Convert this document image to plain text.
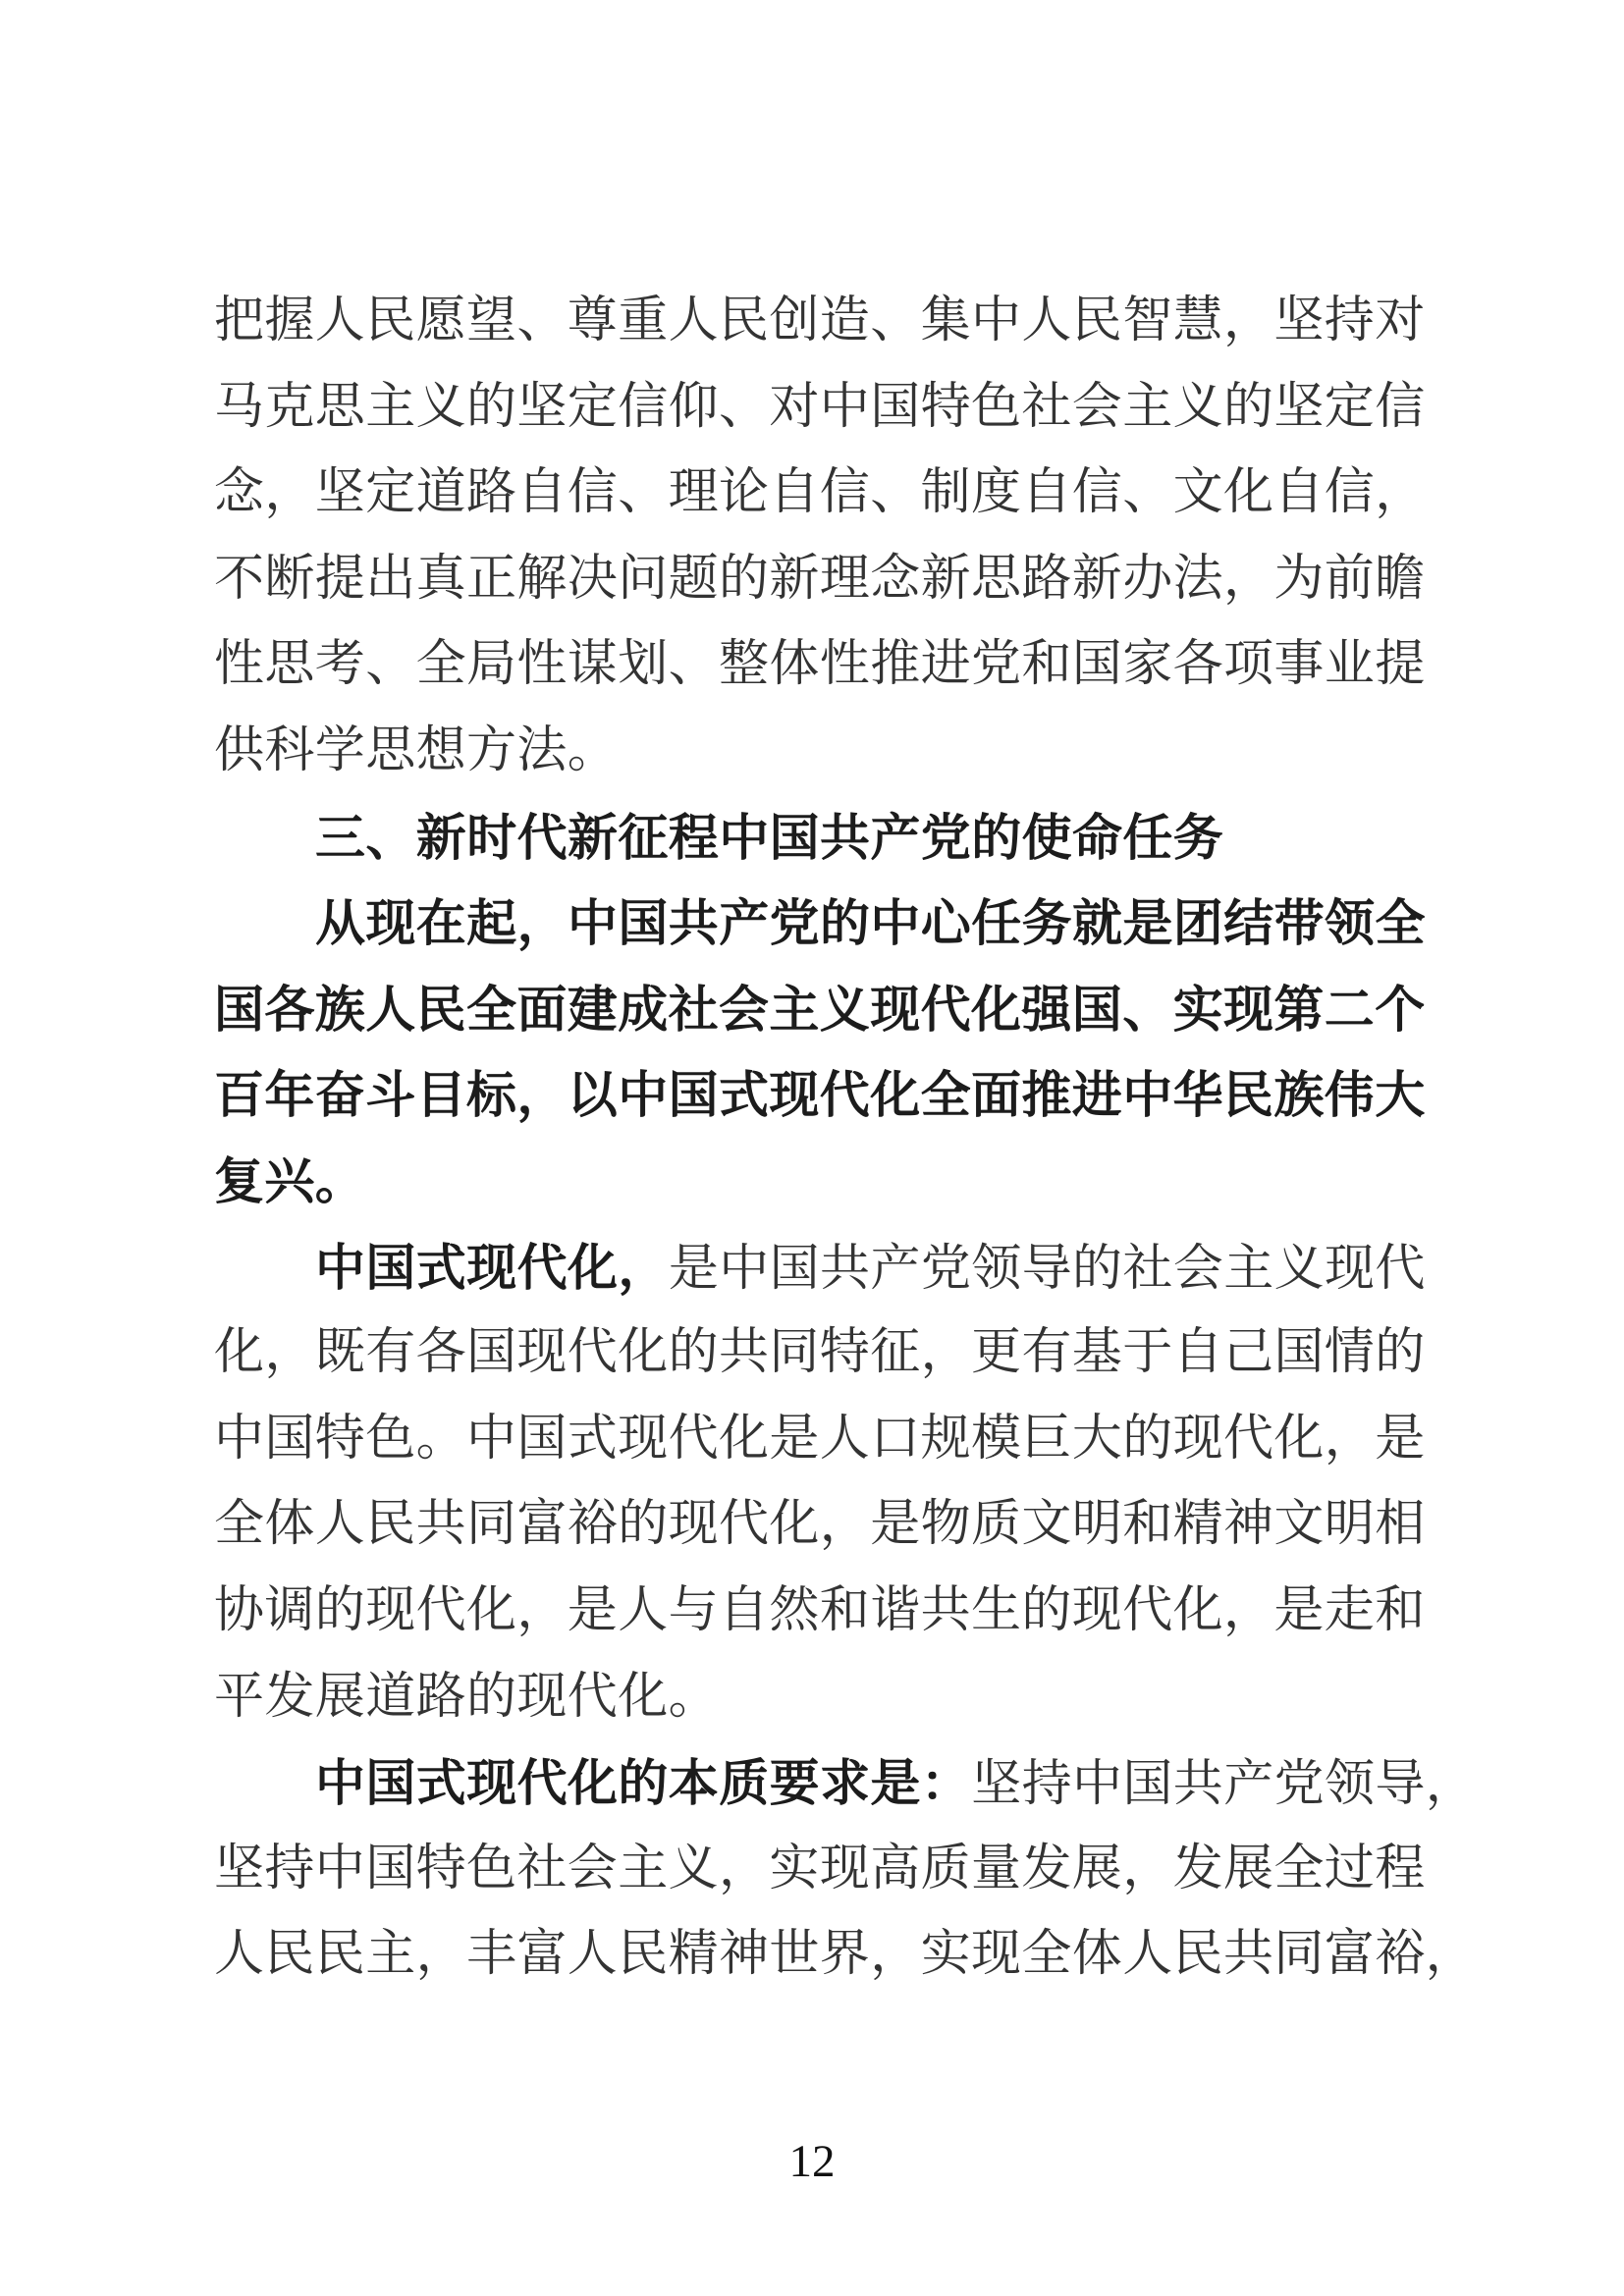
把握人民愿望、尊重人民创造、集中人民智慧，坚持对
马克思主义的坚定信仰、对中国特色社会主义的坚定信
念，坚定道路自信、理论自信、制度自信、文化自信，
不断提出真正解决问题的新理念新思路新办法，为前瞻
性思考、全局性谋划、整体性推进党和国家各项事业提
供科学思想方法。
三、新时代新征程中国共产党的使命任务
从现在起，中国共产党的中心任务就是团结带领全
国各族人民全面建成社会主义现代化强国、实现第二个
百年奋斗目标，以中国式现代化全面推进中华民族伟大
复兴。
中国式现代化，是中国共产党领导的社会主义现代
化，既有各国现代化的共同特征，更有基于自己国情的
中国特色。中国式现代化是人口规模巨大的现代化，是
全体人民共同富裕的现代化，是物质文明和精神文明相
协调的现代化，是人与自然和谐共生的现代化，是走和
平发展道路的现代化。
中国式现代化的本质要求是：坚持中国共产党领导，
坚持中国特色社会主义，实现高质量发展，发展全过程
人民民主，丰富人民精神世界，实现全体人民共同富裕，
12
